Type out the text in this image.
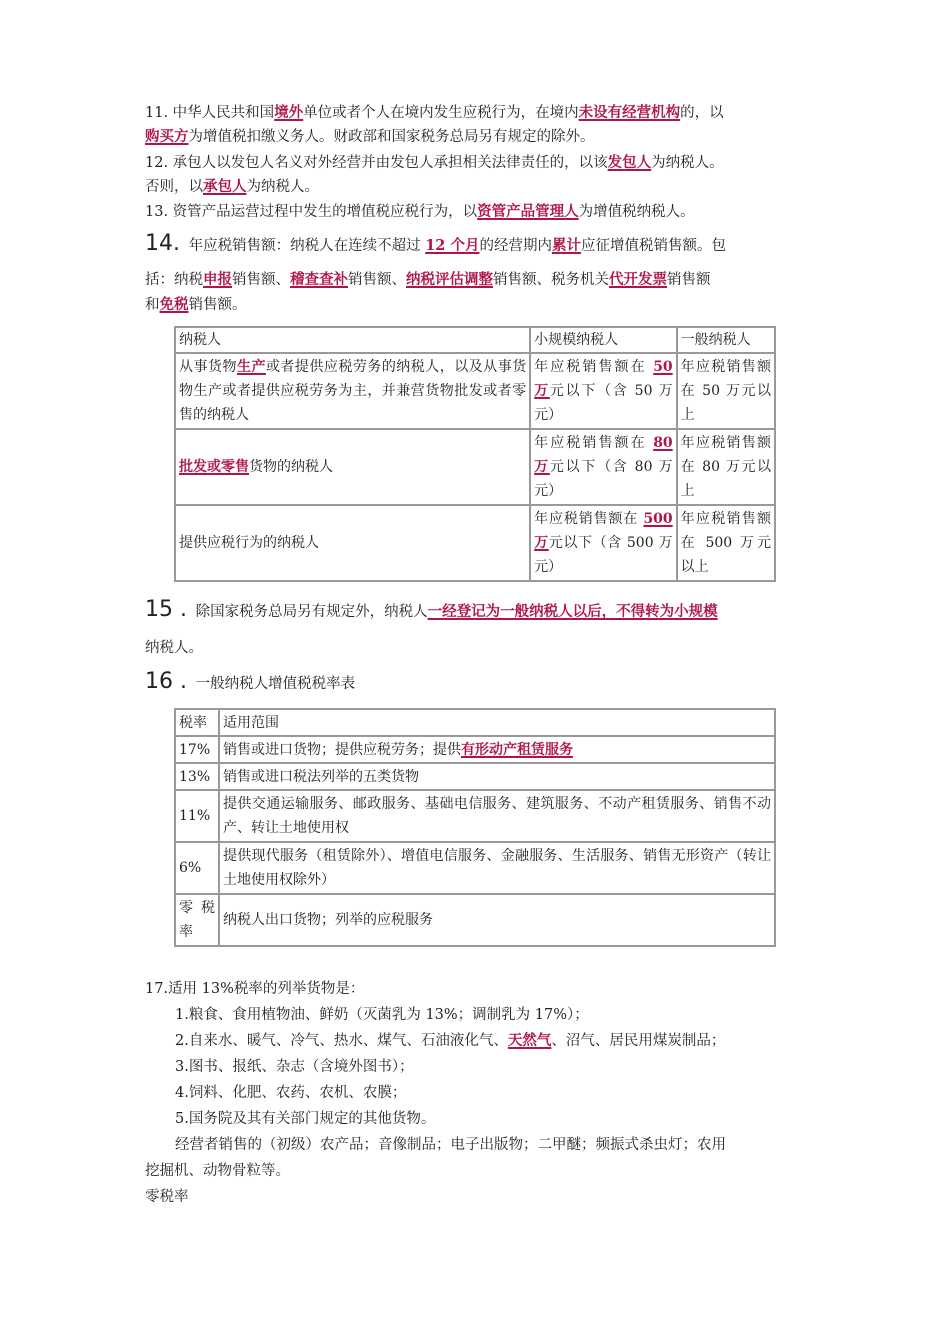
11. 中华人民共和国境外单位或者个人在境内发生应税行为，在境内未设有经营机构的，以
购买方为增值税扣缴义务人。财政部和国家税务总局另有规定的除外。
12. 承包人以发包人名义对外经营并由发包人承担相关法律责任的，以该发包人为纳税人。
否则，以承包人为纳税人。
13. 资管产品运营过程中发生的增值税应税行为，以资管产品管理人为增值税纳税人。
14. 年应税销售额：纳税人在连续不超过 12 个月的经营期内累计应征增值税销售额。包
括：纳税申报销售额、稽查查补销售额、纳税评估调整销售额、税务机关代开发票销售额
和免税销售额。
纳税人	小规模纳税人	一般纳税人
从事货物生产或者提供应税劳务的纳税人，以及从事货物生产或者提供应税劳务为主，并兼营货物批发或者零售的纳税人	年应税销售额在 50 万元以下（含 50 万元）	年应税销售额在 50 万元以上
批发或零售货物的纳税人	年应税销售额在 80 万元以下（含 80 万元）	年应税销售额在 80 万元以上
提供应税行为的纳税人	年应税销售额在 500 万元以下（含 500 万元）	年应税销售额在 500 万元以上
15 . 除国家税务总局另有规定外，纳税人一经登记为一般纳税人以后，不得转为小规模
纳税人。
16 . 一般纳税人增值税税率表
税率	适用范围
17%	销售或进口货物；提供应税劳务；提供有形动产租赁服务
13%	销售或进口税法列举的五类货物
11%	提供交通运输服务、邮政服务、基础电信服务、建筑服务、不动产租赁服务、销售不动产、转让土地使用权
6%	提供现代服务（租赁除外）、增值电信服务、金融服务、生活服务、销售无形资产（转让土地使用权除外）
零 税率	纳税人出口货物；列举的应税服务
17.适用 13%税率的列举货物是：
1.粮食、食用植物油、鲜奶（灭菌乳为 13%；调制乳为 17%）；
2.自来水、暖气、冷气、热水、煤气、石油液化气、天然气、沼气、居民用煤炭制品；
3.图书、报纸、杂志（含境外图书）；
4.饲料、化肥、农药、农机、农膜；
5.国务院及其有关部门规定的其他货物。
经营者销售的（初级）农产品；音像制品；电子出版物；二甲醚；频振式杀虫灯；农用
挖掘机、动物骨粒等。
零税率
